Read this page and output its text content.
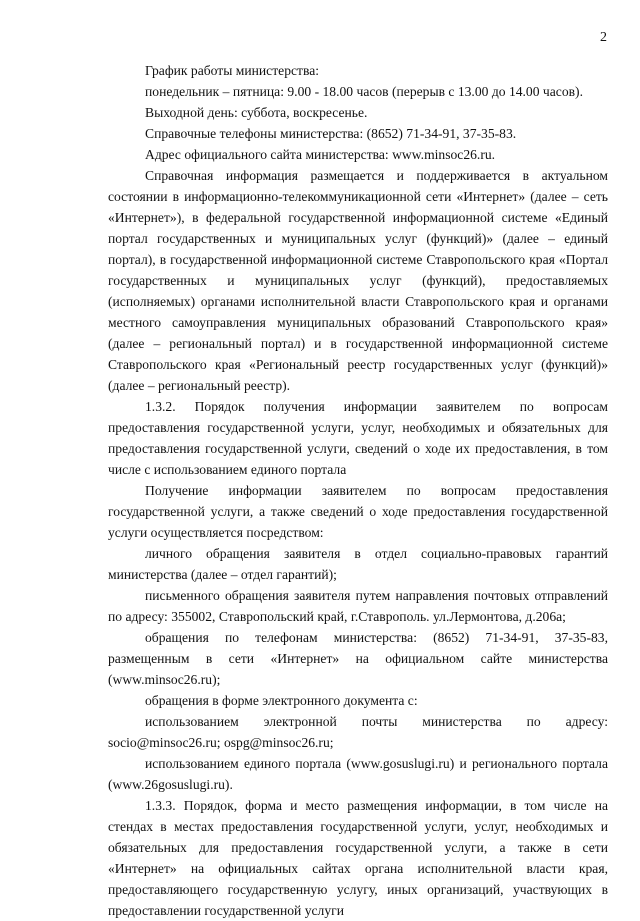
2

График работы министерства:

понедельник – пятница: 9.00 - 18.00 часов (перерыв с 13.00 до 14.00 часов).

Выходной день: суббота, воскресенье.

Справочные телефоны министерства: (8652) 71-34-91, 37-35-83.

Адрес официального сайта министерства: www.minsoc26.ru.

Справочная информация размещается и поддерживается в актуальном состоянии в информационно-телекоммуникационной сети «Интернет» (далее – сеть «Интернет»), в федеральной государственной информационной системе «Единый портал государственных и муниципальных услуг (функций)» (далее – единый портал), в государственной информационной системе Ставропольского края «Портал государственных и муниципальных услуг (функций), предоставляемых (исполняемых) органами исполнительной власти Ставропольского края и органами местного самоуправления муниципальных образований Ставропольского края» (далее – региональный портал) и в государственной информационной системе Ставропольского края «Региональный реестр государственных услуг (функций)» (далее – региональный реестр).

1.3.2. Порядок получения информации заявителем по вопросам предоставления государственной услуги, услуг, необходимых и обязательных для предоставления государственной услуги, сведений о ходе их предоставления, в том числе с использованием единого портала

Получение информации заявителем по вопросам предоставления государственной услуги, а также сведений о ходе предоставления государственной услуги осуществляется посредством:

личного обращения заявителя в отдел социально-правовых гарантий министерства (далее – отдел гарантий);

письменного обращения заявителя путем направления почтовых отправлений по адресу: 355002, Ставропольский край, г.Ставрополь. ул.Лермонтова, д.206а;

обращения по телефонам министерства: (8652) 71-34-91, 37-35-83, размещенным в сети «Интернет» на официальном сайте министерства (www.minsoc26.ru);

обращения в форме электронного документа с:

использованием электронной почты министерства по адресу: socio@minsoc26.ru; ospg@minsoc26.ru;

использованием единого портала (www.gosuslugi.ru) и регионального портала (www.26gosuslugi.ru).

1.3.3. Порядок, форма и место размещения информации, в том числе на стендах в местах предоставления государственной услуги, услуг, необходимых и обязательных для предоставления государственной услуги, а также в сети «Интернет» на официальных сайтах органа исполнительной власти края, предоставляющего государственную услугу, иных организаций, участвующих в предоставлении государственной услуги
